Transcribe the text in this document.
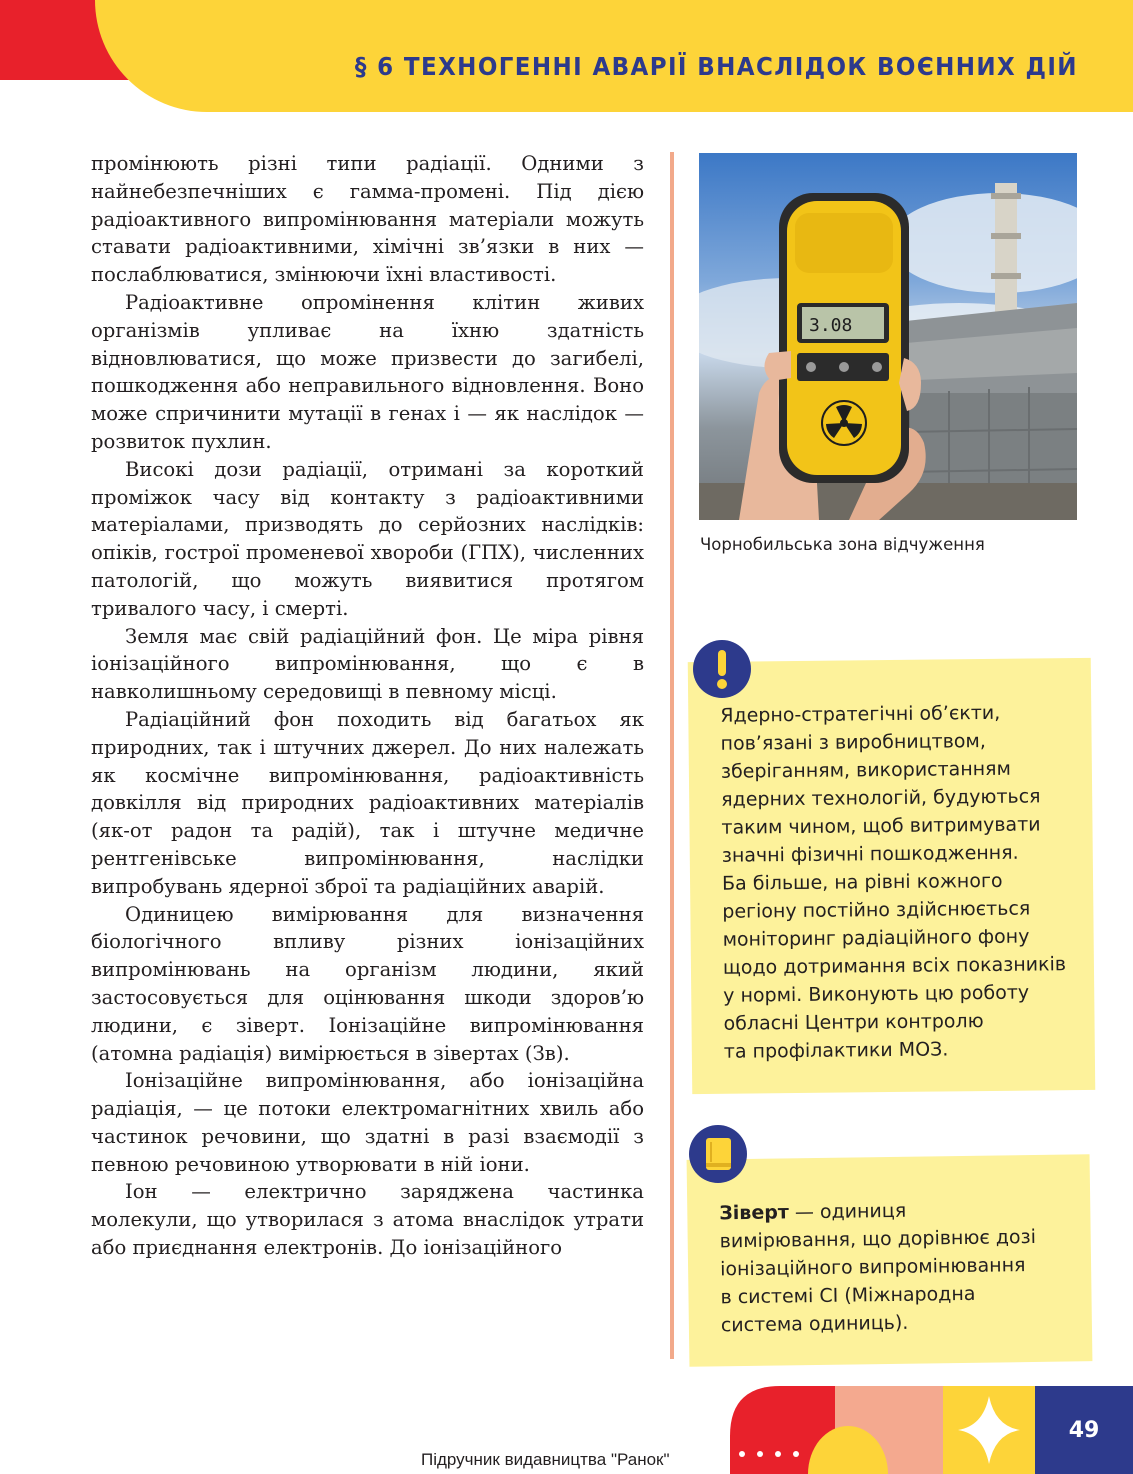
§ 6 ТЕХНОГЕННІ АВАРІЇ ВНАСЛІДОК ВОЄННИХ ДІЙ

промінюють різні типи радіації. Одними з найнебезпечніших є гамма-промені. Під дією радіоактивного випромінювання матеріали можуть ставати радіоактивними, хімічні зв’язки в них — послаблюватися, змінюючи їхні властивості.

Радіоактивне опромінення клітин живих організмів упливає на їхню здатність відновлюватися, що може призвести до загибелі, пошкодження або неправильного відновлення. Воно може спричинити мутації в генах і — як наслідок — розвиток пухлин.

Високі дози радіації, отримані за короткий проміжок часу від контакту з радіоактивними матеріалами, призводять до серйозних наслідків: опіків, гострої променевої хвороби (ГПХ), численних патологій, що можуть виявитися протягом тривалого часу, і смерті.

Земля має свій радіаційний фон. Це міра рівня іонізаційного випромінювання, що є в навколишньому середовищі в певному місці.

Радіаційний фон походить від багатьох як природних, так і штучних джерел. До них належать як космічне випромінювання, радіоактивність довкілля від природних радіоактивних матеріалів (як-от радон та радій), так і штучне медичне рентгенівське випромінювання, наслідки випробувань ядерної зброї та радіаційних аварій.

Одиницею вимірювання для визначення біологічного впливу різних іонізаційних випромінювань на організм людини, який застосовується для оцінювання шкоди здоров’ю людини, є зіверт. Іонізаційне випромінювання (атомна радіація) вимірюється в зівертах (Зв).

Іонізаційне випромінювання, або іонізаційна радіація, — це потоки електромагнітних хвиль або частинок речовини, що здатні в разі взаємодії з певною речовиною утворювати в ній іони.

Іон — електрично заряджена частинка молекули, що утворилася з атома внаслідок утрати або приєднання електронів. До іонізаційного

3.08
Чорнобильська зона відчуження
Ядерно-стратегічні об’єкти,
пов’язані з виробництвом,
зберіганням, використанням
ядерних технологій, будуються
таким чином, щоб витримувати
значні фізичні пошкодження.
Ба більше, на рівні кожного
регіону постійно здійснюється
моніторинг радіаційного фону
щодо дотримання всіх показників
у нормі. Виконують цю роботу
обласні Центри контролю
та профілактики МОЗ.
Зіверт — одиниця
вимірювання, що дорівнює дозі
іонізаційного випромінювання
в системі СІ (Міжнародна
система одиниць).
49
Підручник видавництва "Ранок"
